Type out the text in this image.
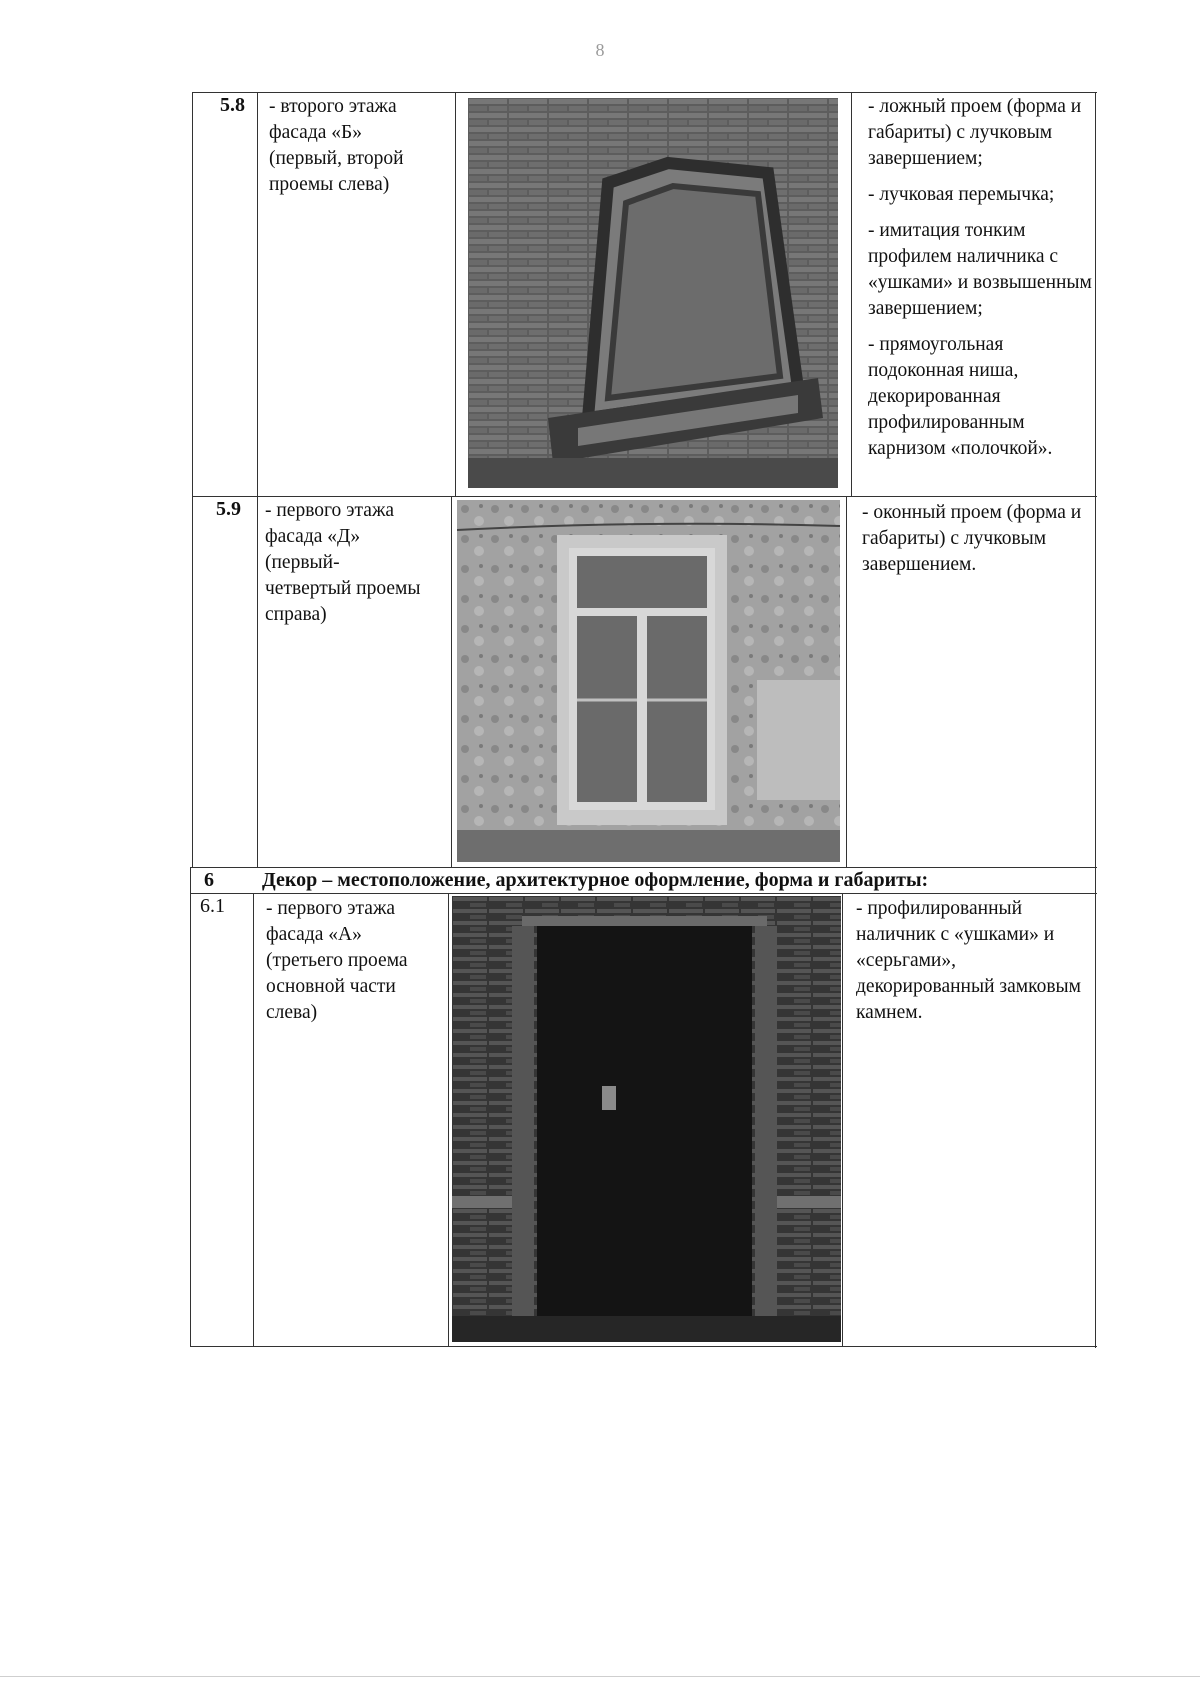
8
5.8 - второго этажа
фасада «Б»
(первый, второй
проемы слева)

- ложный проем (форма и габариты) с лучковым завершением;

- лучковая перемычка;

- имитация тонким профилем наличника с «ушками» и возвышенным завершением;

- прямоугольная подоконная ниша, декорированная профилированным карнизом «полочкой».

5.9 - первого этажа
фасада «Д»
(первый-
четвертый проемы
справа)

- оконный проем (форма и габариты) с лучковым завершением.

6 Декор – местоположение, архитектурное оформление, форма и габариты:
6.1 - первого этажа
фасада «А»
(третьего проема
основной части
слева)

- профилированный наличник с «ушками» и «серьгами», декорированный замковым камнем.
